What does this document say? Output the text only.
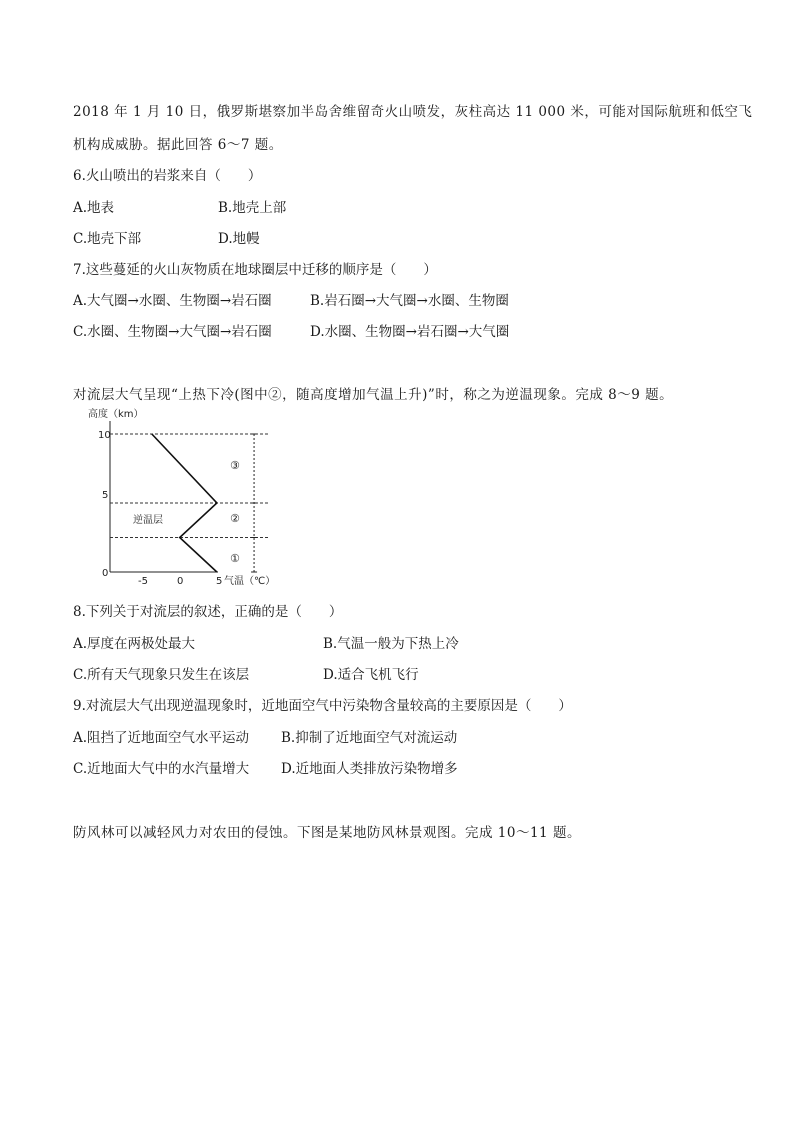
2018 年 1 月 10 日，俄罗斯堪察加半岛舍维留奇火山喷发，灰柱高达 11 000 米，可能对国际航班和低空飞
机构成威胁。据此回答 6～7 题。
6.火山喷出的岩浆来自（　　）
A.地表	B.地壳上部
C.地壳下部	D.地幔
7.这些蔓延的火山灰物质在地球圈层中迁移的顺序是（　　）
A.大气圈→水圈、生物圈→岩石圈	B.岩石圈→大气圈→水圈、生物圈
C.水圈、生物圈→大气圈→岩石圈	D.水圈、生物圈→岩石圈→大气圈
对流层大气呈现“上热下冷(图中②，随高度增加气温上升)”时，称之为逆温现象。完成 8～9 题。
高度（km）
10
5
0
-5	0	5 气温（℃）
③
②
①
逆温层
8.下列关于对流层的叙述，正确的是（　　）
A.厚度在两极处最大	B.气温一般为下热上冷
C.所有天气现象只发生在该层	D.适合飞机飞行
9.对流层大气出现逆温现象时，近地面空气中污染物含量较高的主要原因是（　　）
A.阻挡了近地面空气水平运动 B.抑制了近地面空气对流运动
C.近地面大气中的水汽量增大 D.近地面人类排放污染物增多
防风林可以减轻风力对农田的侵蚀。下图是某地防风林景观图。完成 10～11 题。
